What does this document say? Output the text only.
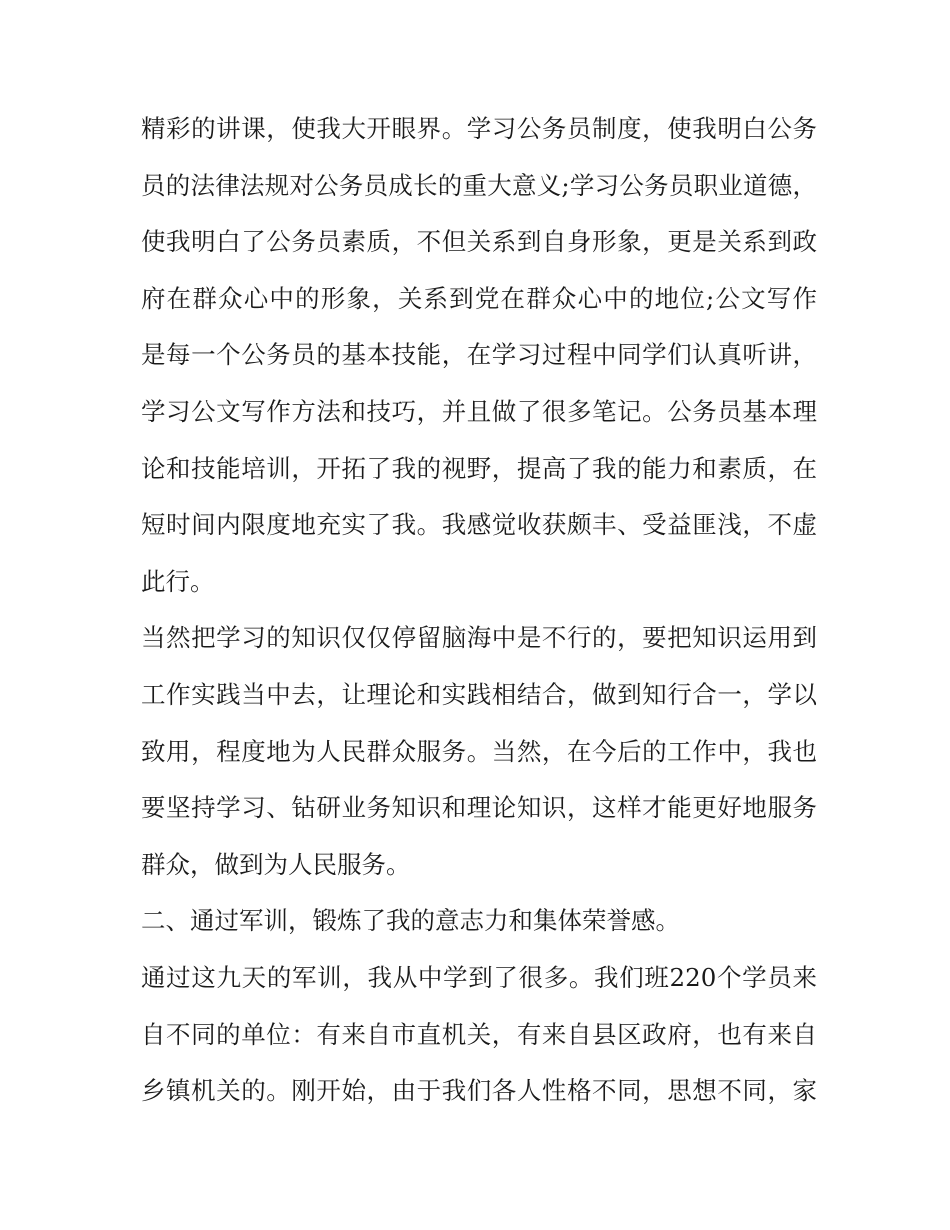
精彩的讲课，使我大开眼界。学习公务员制度，使我明白公务
员的法律法规对公务员成长的重大意义;学习公务员职业道德，
使我明白了公务员素质，不但关系到自身形象，更是关系到政
府在群众心中的形象，关系到党在群众心中的地位;公文写作
是每一个公务员的基本技能，在学习过程中同学们认真听讲，
学习公文写作方法和技巧，并且做了很多笔记。公务员基本理
论和技能培训，开拓了我的视野，提高了我的能力和素质，在
短时间内限度地充实了我。我感觉收获颇丰、受益匪浅，不虚
此行。
当然把学习的知识仅仅停留脑海中是不行的，要把知识运用到
工作实践当中去，让理论和实践相结合，做到知行合一，学以
致用，程度地为人民群众服务。当然，在今后的工作中，我也
要坚持学习、钻研业务知识和理论知识，这样才能更好地服务
群众，做到为人民服务。
二、通过军训，锻炼了我的意志力和集体荣誉感。
通过这九天的军训，我从中学到了很多。我们班220个学员来
自不同的单位：有来自市直机关，有来自县区政府，也有来自
乡镇机关的。刚开始，由于我们各人性格不同，思想不同，家
